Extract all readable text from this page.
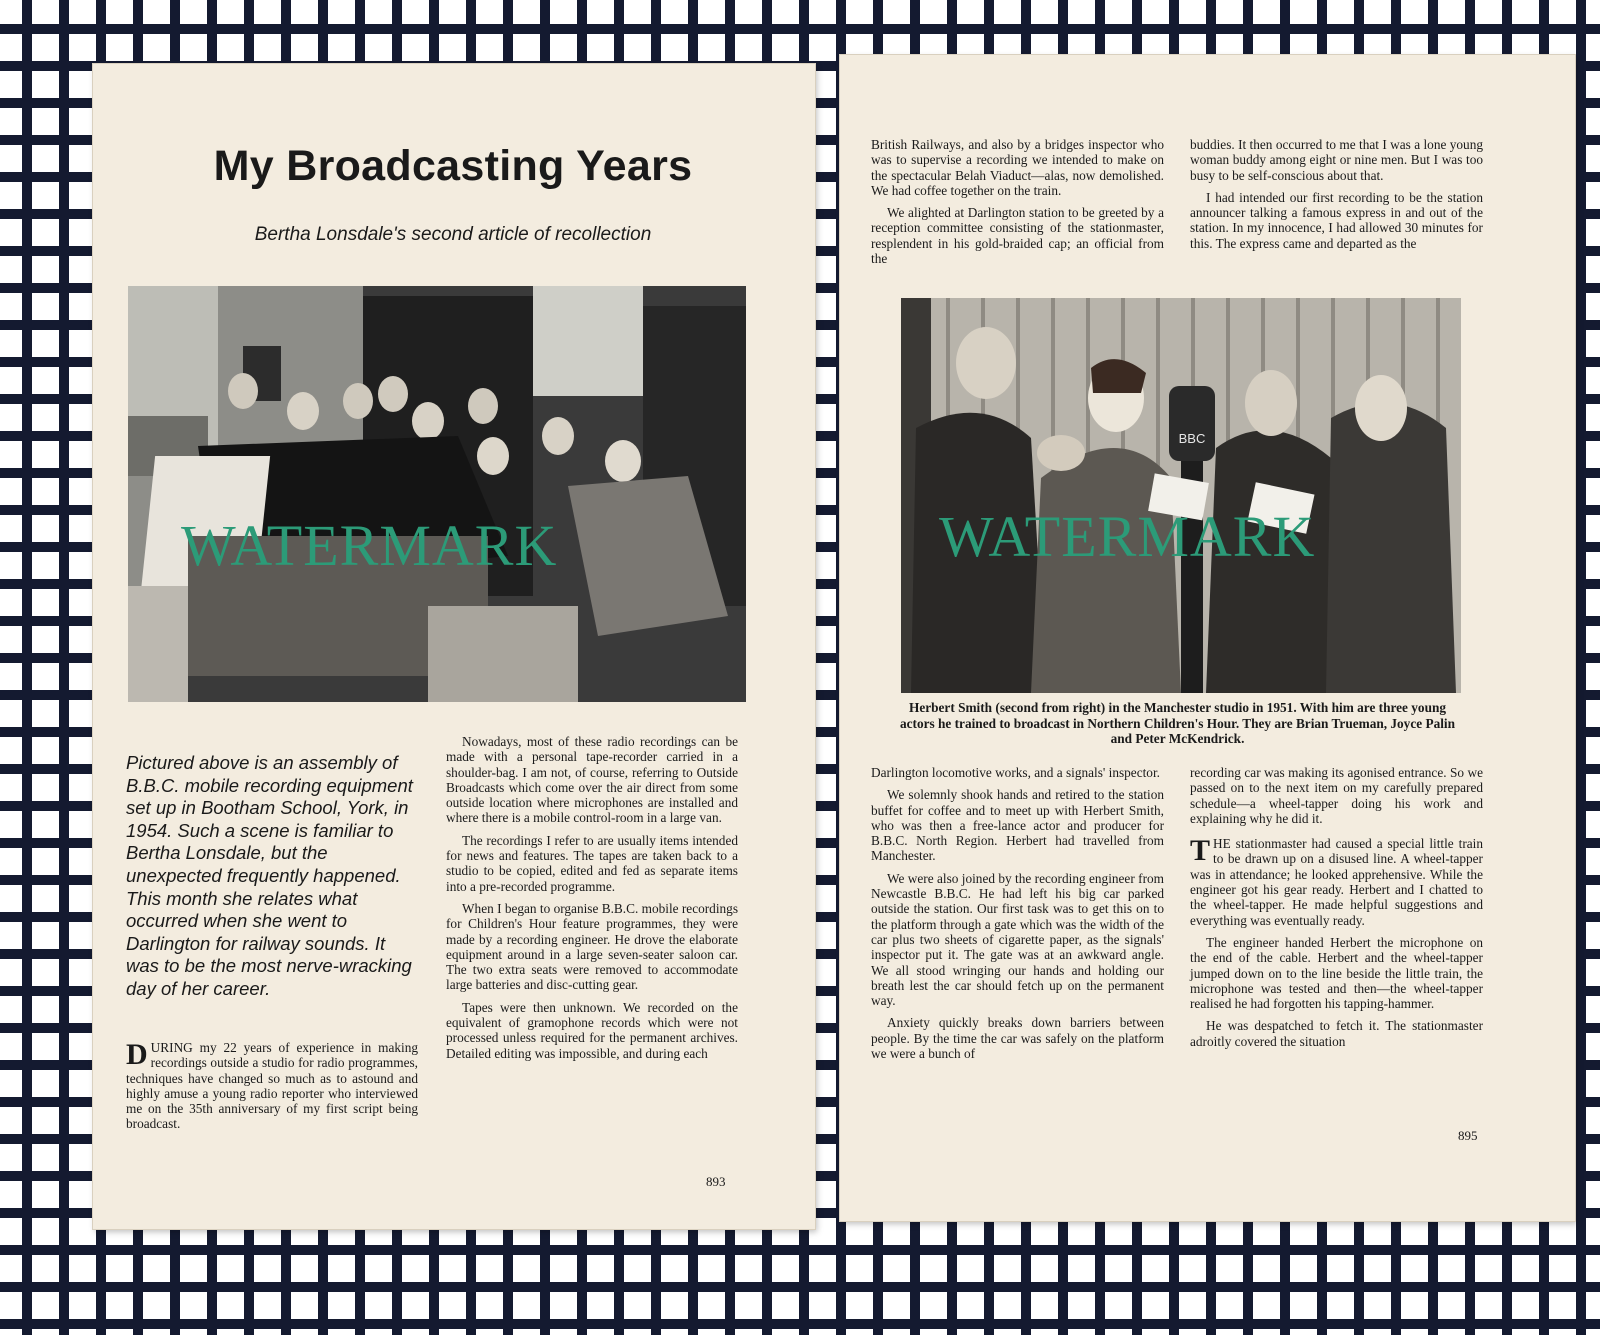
My Broadcasting Years
Bertha Lonsdale's second article of recollection
WATERMARK
Pictured above is an assembly of B.B.C. mobile recording equipment set up in Bootham School, York, in 1954. Such a scene is familiar to Bertha Lonsdale, but the unexpected frequently happened. This month she relates what occurred when she went to Darlington for railway sounds. It was to be the most nerve-wracking day of her career.

DURING my 22 years of experience in making recordings outside a studio for radio programmes, techniques have changed so much as to astound and highly amuse a young radio reporter who interviewed me on the 35th anniversary of my first script being broadcast.

Nowadays, most of these radio recordings can be made with a personal tape-recorder carried in a shoulder-bag. I am not, of course, referring to Outside Broadcasts which come over the air direct from some outside location where microphones are installed and where there is a mobile control-room in a large van.

The recordings I refer to are usually items intended for news and features. The tapes are taken back to a studio to be copied, edited and fed as separate items into a pre-recorded programme.

When I began to organise B.B.C. mobile recordings for Children's Hour feature programmes, they were made by a recording engineer. He drove the elaborate equipment around in a large seven-seater saloon car. The two extra seats were removed to accommodate large batteries and disc-cutting gear.

Tapes were then unknown. We recorded on the equivalent of gramophone records which were not processed unless required for the permanent archives. Detailed editing was impossible, and during each

893

British Railways, and also by a bridges inspector who was to supervise a recording we intended to make on the spectacular Belah Viaduct—alas, now demolished. We had coffee together on the train.

We alighted at Darlington station to be greeted by a reception committee consisting of the stationmaster, resplendent in his gold-braided cap; an official from the

buddies. It then occurred to me that I was a lone young woman buddy among eight or nine men. But I was too busy to be self-conscious about that.

I had intended our first recording to be the station announcer talking a famous express in and out of the station. In my innocence, I had allowed 30 minutes for this. The express came and departed as the

BBC
WATERMARK
Herbert Smith (second from right) in the Manchester studio in 1951. With him are three young actors he trained to broadcast in Northern Children's Hour. They are Brian Trueman, Joyce Palin and Peter McKendrick.

Darlington locomotive works, and a signals' inspector.

We solemnly shook hands and retired to the station buffet for coffee and to meet up with Herbert Smith, who was then a free-lance actor and producer for B.B.C. North Region. Herbert had travelled from Manchester.

We were also joined by the recording engineer from Newcastle B.B.C. He had left his big car parked outside the station. Our first task was to get this on to the platform through a gate which was the width of the car plus two sheets of cigarette paper, as the signals' inspector put it. The gate was at an awkward angle. We all stood wringing our hands and holding our breath lest the car should fetch up on the permanent way.

Anxiety quickly breaks down barriers between people. By the time the car was safely on the platform we were a bunch of

recording car was making its agonised entrance. So we passed on to the next item on my carefully prepared schedule—a wheel-tapper doing his work and explaining why he did it.

THE stationmaster had caused a special little train to be drawn up on a disused line. A wheel-tapper was in attendance; he looked apprehensive. While the engineer got his gear ready. Herbert and I chatted to the wheel-tapper. He made helpful suggestions and everything was eventually ready.

The engineer handed Herbert the microphone on the end of the cable. Herbert and the wheel-tapper jumped down on to the line beside the little train, the microphone was tested and then—the wheel-tapper realised he had forgotten his tapping-hammer.

He was despatched to fetch it. The stationmaster adroitly covered the situation

895
